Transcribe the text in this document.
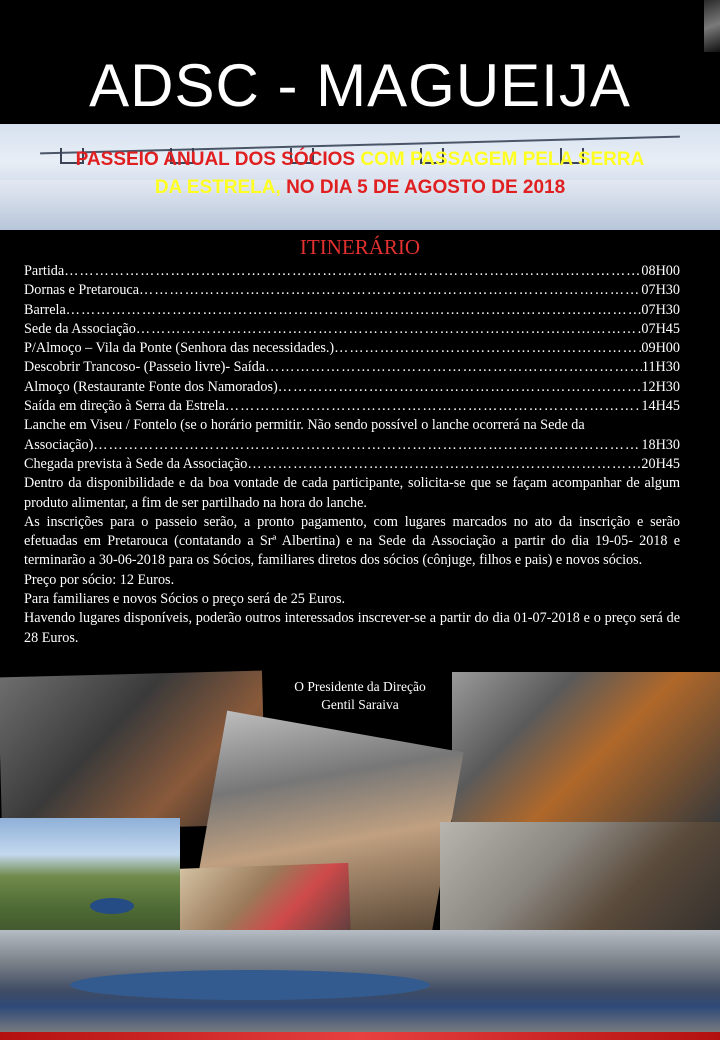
ADSC - MAGUEIJA
PASSEIO ANUAL DOS SÓCIOS COM PASSAGEM PELA SERRA
DA ESTRELA, NO DIA 5 DE AGOSTO DE 2018
ITINERÁRIO
Partida ……………………………………………………………………………………………………………………………………	08H00
Dornas e Pretarouca ……………………………………………………………………………………………………………………………………	07H30
Barrela ……………………………………………………………………………………………………………………………………	07H30
Sede da Associação ……………………………………………………………………………………………………………………………………	07H45
P/Almoço – Vila da Ponte (Senhora das necessidades.) ……………………………………………………………………………………………………………………………………	09H00
Descobrir Trancoso- (Passeio livre)- Saída ……………………………………………………………………………………………………………………………………	11H30
Almoço (Restaurante Fonte dos Namorados) ……………………………………………………………………………………………………………………………………	12H30
Saída em direção à Serra da Estrela ……………………………………………………………………………………………………………………………………	14H45
Lanche em Viseu / Fontelo (se o horário permitir. Não sendo possível o lanche ocorrerá na Sede da
Associação) ……………………………………………………………………………………………………………………………………	18H30
Chegada prevista à Sede da Associação ……………………………………………………………………………………………………………………………………	20H45
Dentro da disponibilidade e da boa vontade de cada participante, solicita-se que se façam acompanhar de algum produto alimentar, a fim de ser partilhado na hora do lanche.
As inscrições para o passeio serão, a pronto pagamento, com lugares marcados no ato da inscrição e serão efetuadas em Pretarouca (contatando a Srª Albertina) e na Sede da Associação a partir do dia 19-05- 2018 e terminarão a 30-06-2018 para os Sócios, familiares diretos dos sócios (cônjuge, filhos e pais) e novos sócios.
Preço por sócio: 12 Euros.
Para familiares e novos Sócios o preço será de 25 Euros.
Havendo lugares disponíveis, poderão outros interessados inscrever-se a partir do dia 01-07-2018 e o preço será de 28 Euros.
O Presidente da Direção
Gentil Saraiva
